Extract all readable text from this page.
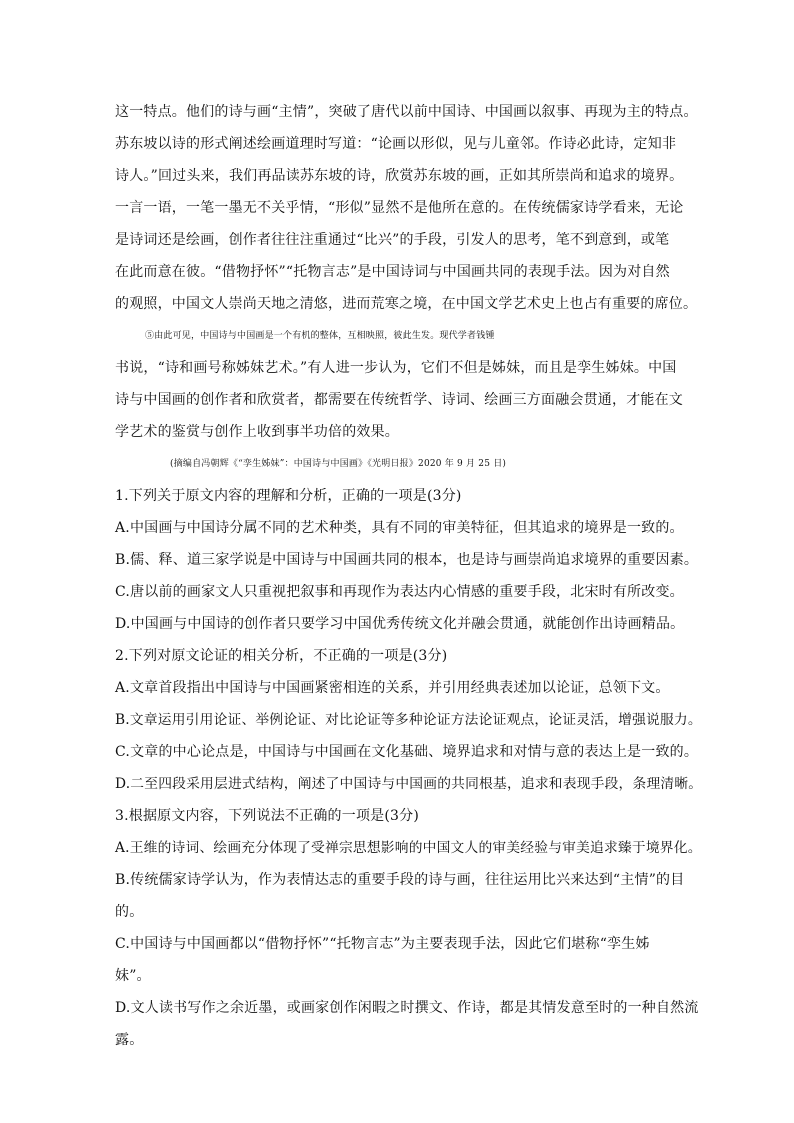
这一特点。他们的诗与画“主情”，突破了唐代以前中国诗、中国画以叙事、再现为主的特点。
苏东坡以诗的形式阐述绘画道理时写道：“论画以形似，见与儿童邻。作诗必此诗，定知非
诗人。”回过头来，我们再品读苏东坡的诗，欣赏苏东坡的画，正如其所崇尚和追求的境界。
一言一语，一笔一墨无不关乎情，“形似”显然不是他所在意的。在传统儒家诗学看来，无论
是诗词还是绘画，创作者往往注重通过“比兴”的手段，引发人的思考，笔不到意到，或笔
在此而意在彼。“借物抒怀”“托物言志”是中国诗词与中国画共同的表现手法。因为对自然
的观照，中国文人崇尚天地之清悠，进而荒寒之境，在中国文学艺术史上也占有重要的席位。
⑤由此可见，中国诗与中国画是一个有机的整体，互相映照，彼此生发。现代学者钱锺
书说，“诗和画号称姊妹艺术。”有人进一步认为，它们不但是姊妹，而且是孪生姊妹。中国
诗与中国画的创作者和欣赏者，都需要在传统哲学、诗词、绘画三方面融会贯通，才能在文
学艺术的鉴赏与创作上收到事半功倍的效果。
(摘编自冯朝辉《“孪生姊妹”：中国诗与中国画》《光明日报》2020 年 9 月 25 日)
1.下列关于原文内容的理解和分析，正确的一项是(3分)
A.中国画与中国诗分属不同的艺术种类，具有不同的审美特征，但其追求的境界是一致的。
B.儒、释、道三家学说是中国诗与中国画共同的根本，也是诗与画崇尚追求境界的重要因素。
C.唐以前的画家文人只重视把叙事和再现作为表达内心情感的重要手段，北宋时有所改变。
D.中国画与中国诗的创作者只要学习中国优秀传统文化并融会贯通，就能创作出诗画精品。
2.下列对原文论证的相关分析，不正确的一项是(3分)
A.文章首段指出中国诗与中国画紧密相连的关系，并引用经典表述加以论证，总领下文。
B.文章运用引用论证、举例论证、对比论证等多种论证方法论证观点，论证灵活，增强说服力。
C.文章的中心论点是，中国诗与中国画在文化基础、境界追求和对情与意的表达上是一致的。
D.二至四段采用层进式结构，阐述了中国诗与中国画的共同根基，追求和表现手段，条理清晰。
3.根据原文内容，下列说法不正确的一项是(3分)
A.王维的诗词、绘画充分体现了受禅宗思想影响的中国文人的审美经验与审美追求臻于境界化。
B.传统儒家诗学认为，作为表情达志的重要手段的诗与画，往往运用比兴来达到“主情”的目
的。
C.中国诗与中国画都以“借物抒怀”“托物言志”为主要表现手法，因此它们堪称“孪生姊
妹”。
D.文人读书写作之余近墨，或画家创作闲暇之时撰文、作诗，都是其情发意至时的一种自然流
露。
